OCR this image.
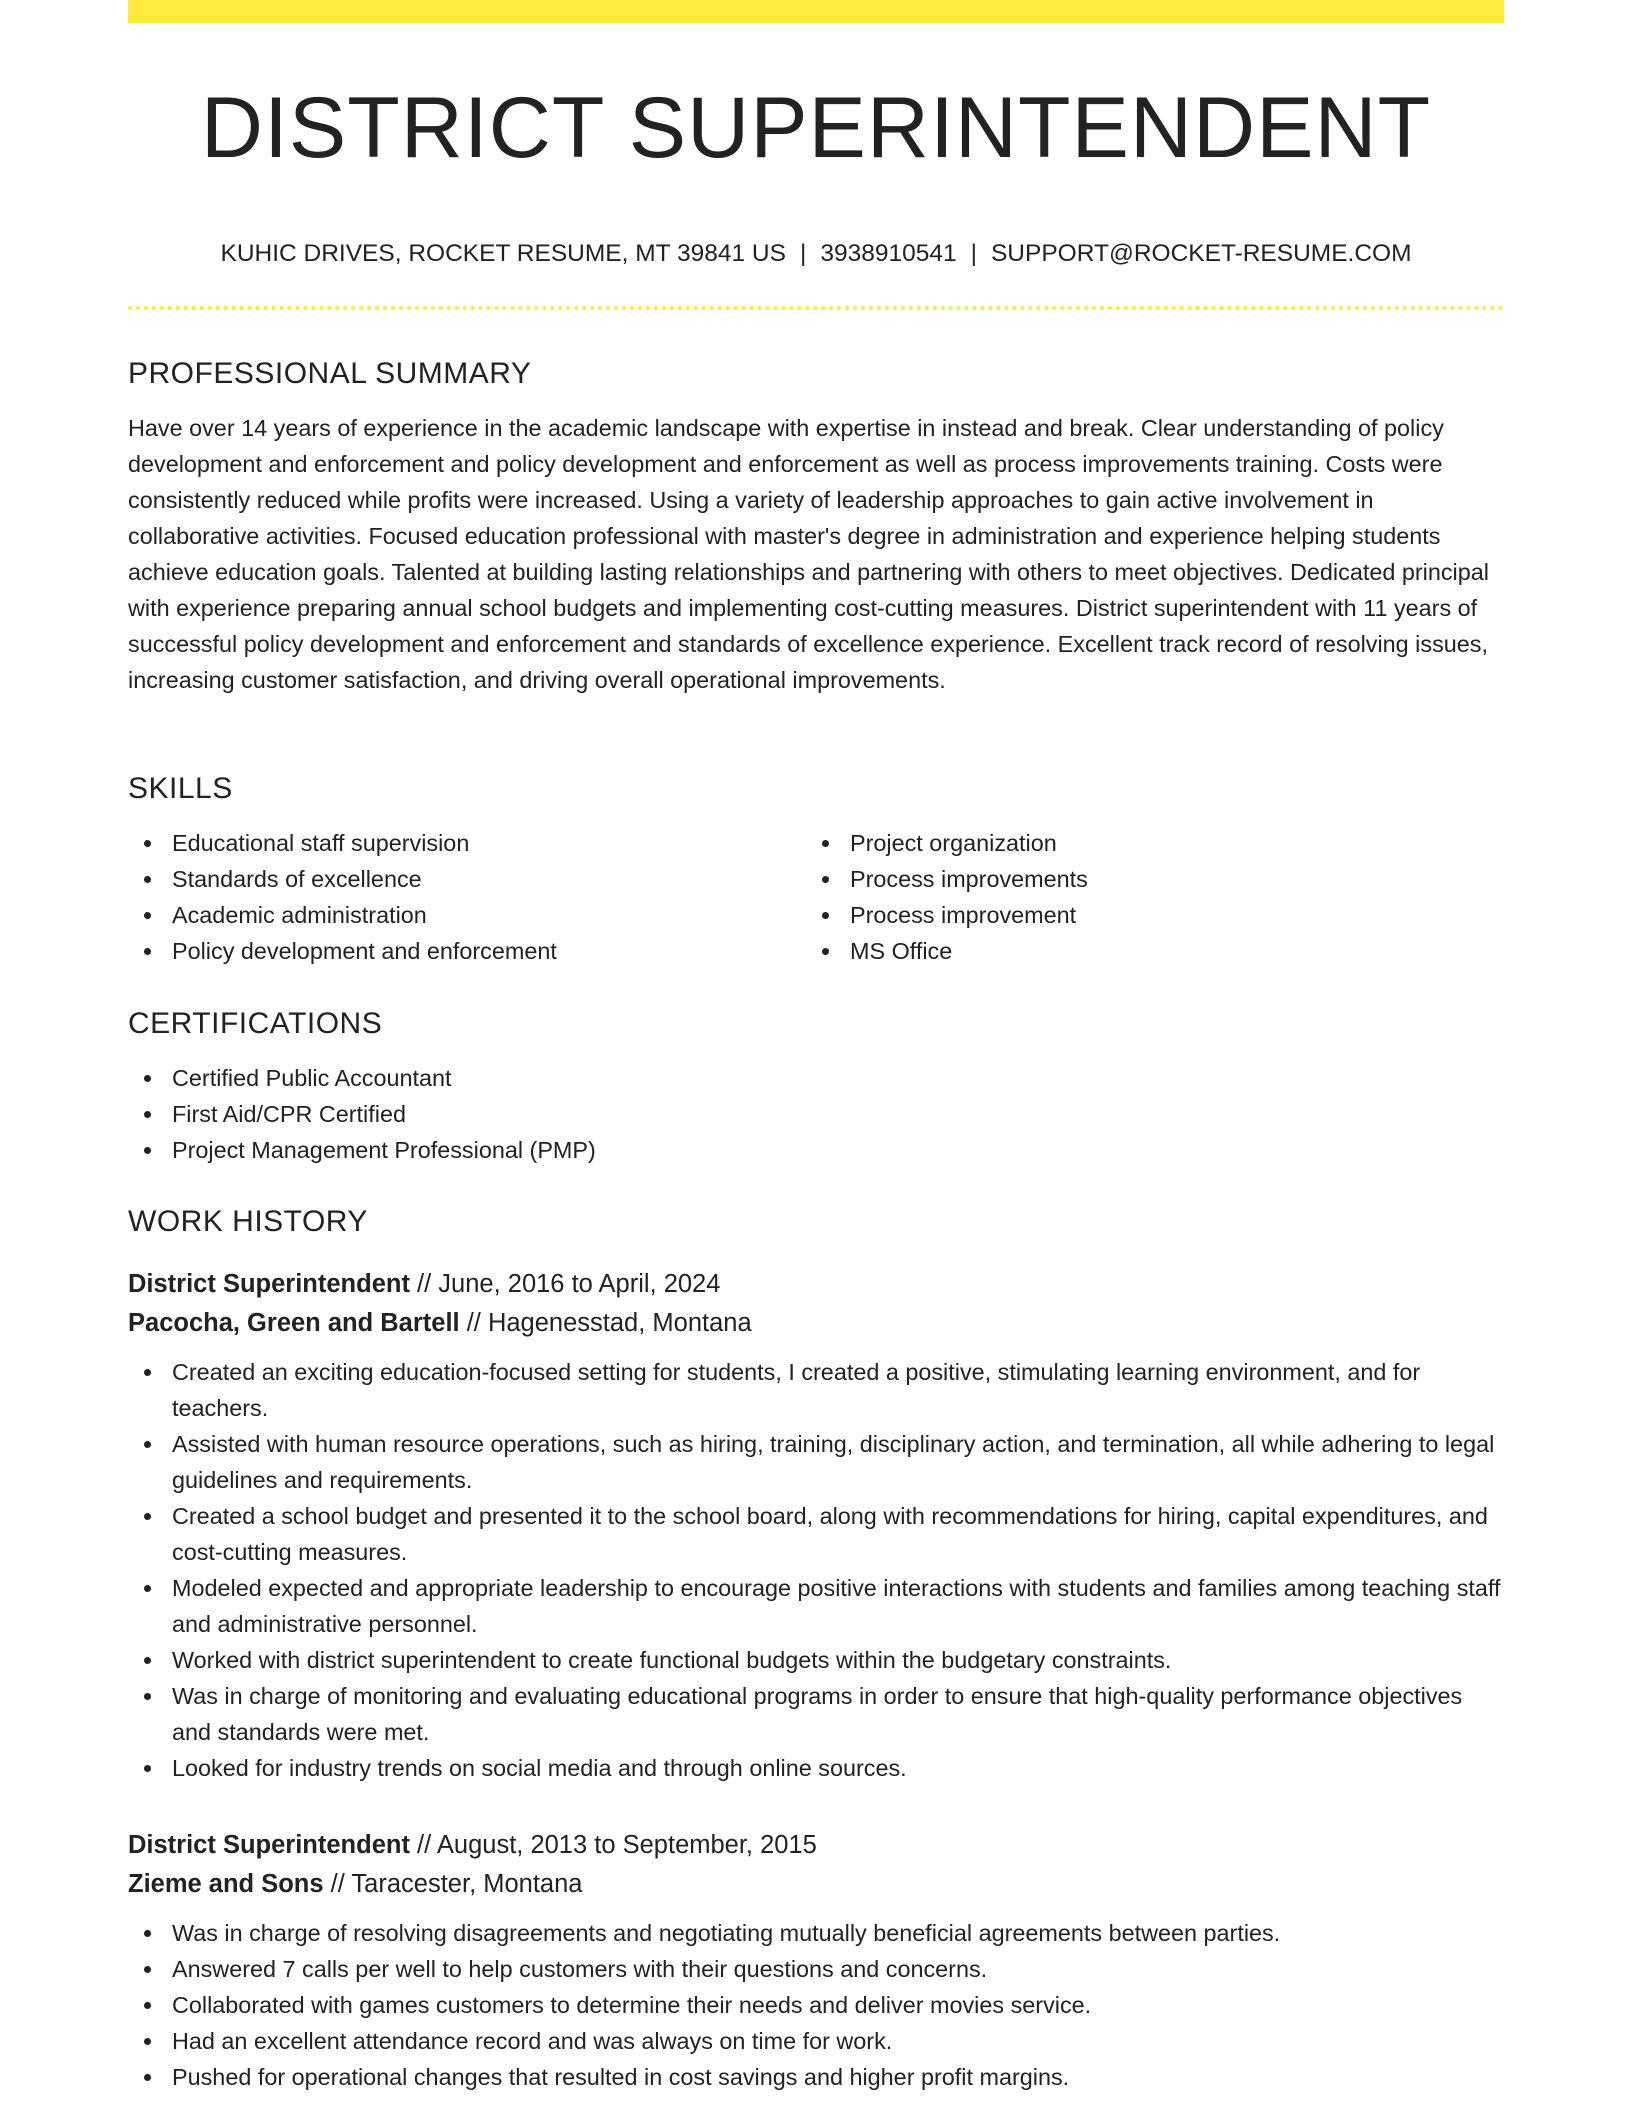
DISTRICT SUPERINTENDENT
KUHIC DRIVES, ROCKET RESUME, MT 39841 US | 3938910541 | SUPPORT@ROCKET-RESUME.COM
PROFESSIONAL SUMMARY

Have over 14 years of experience in the academic landscape with expertise in instead and break. Clear understanding of policy development and enforcement and policy development and enforcement as well as process improvements training. Costs were consistently reduced while profits were increased. Using a variety of leadership approaches to gain active involvement in collaborative activities. Focused education professional with master's degree in administration and experience helping students achieve education goals. Talented at building lasting relationships and partnering with others to meet objectives. Dedicated principal with experience preparing annual school budgets and implementing cost-cutting measures. District superintendent with 11 years of successful policy development and enforcement and standards of excellence experience. Excellent track record of resolving issues, increasing customer satisfaction, and driving overall operational improvements.

SKILLS
Educational staff supervision
Standards of excellence
Academic administration
Policy development and enforcement
Project organization
Process improvements
Process improvement
MS Office
CERTIFICATIONS
Certified Public Accountant
First Aid/CPR Certified
Project Management Professional (PMP)
WORK HISTORY
District Superintendent // June, 2016 to April, 2024
Pacocha, Green and Bartell // Hagenesstad, Montana
Created an exciting education-focused setting for students, I created a positive, stimulating learning environment, and for teachers.
Assisted with human resource operations, such as hiring, training, disciplinary action, and termination, all while adhering to legal guidelines and requirements.
Created a school budget and presented it to the school board, along with recommendations for hiring, capital expenditures, and cost-cutting measures.
Modeled expected and appropriate leadership to encourage positive interactions with students and families among teaching staff and administrative personnel.
Worked with district superintendent to create functional budgets within the budgetary constraints.
Was in charge of monitoring and evaluating educational programs in order to ensure that high-quality performance objectives and standards were met.
Looked for industry trends on social media and through online sources.
District Superintendent // August, 2013 to September, 2015
Zieme and Sons // Taracester, Montana
Was in charge of resolving disagreements and negotiating mutually beneficial agreements between parties.
Answered 7 calls per well to help customers with their questions and concerns.
Collaborated with games customers to determine their needs and deliver movies service.
Had an excellent attendance record and was always on time for work.
Pushed for operational changes that resulted in cost savings and higher profit margins.
